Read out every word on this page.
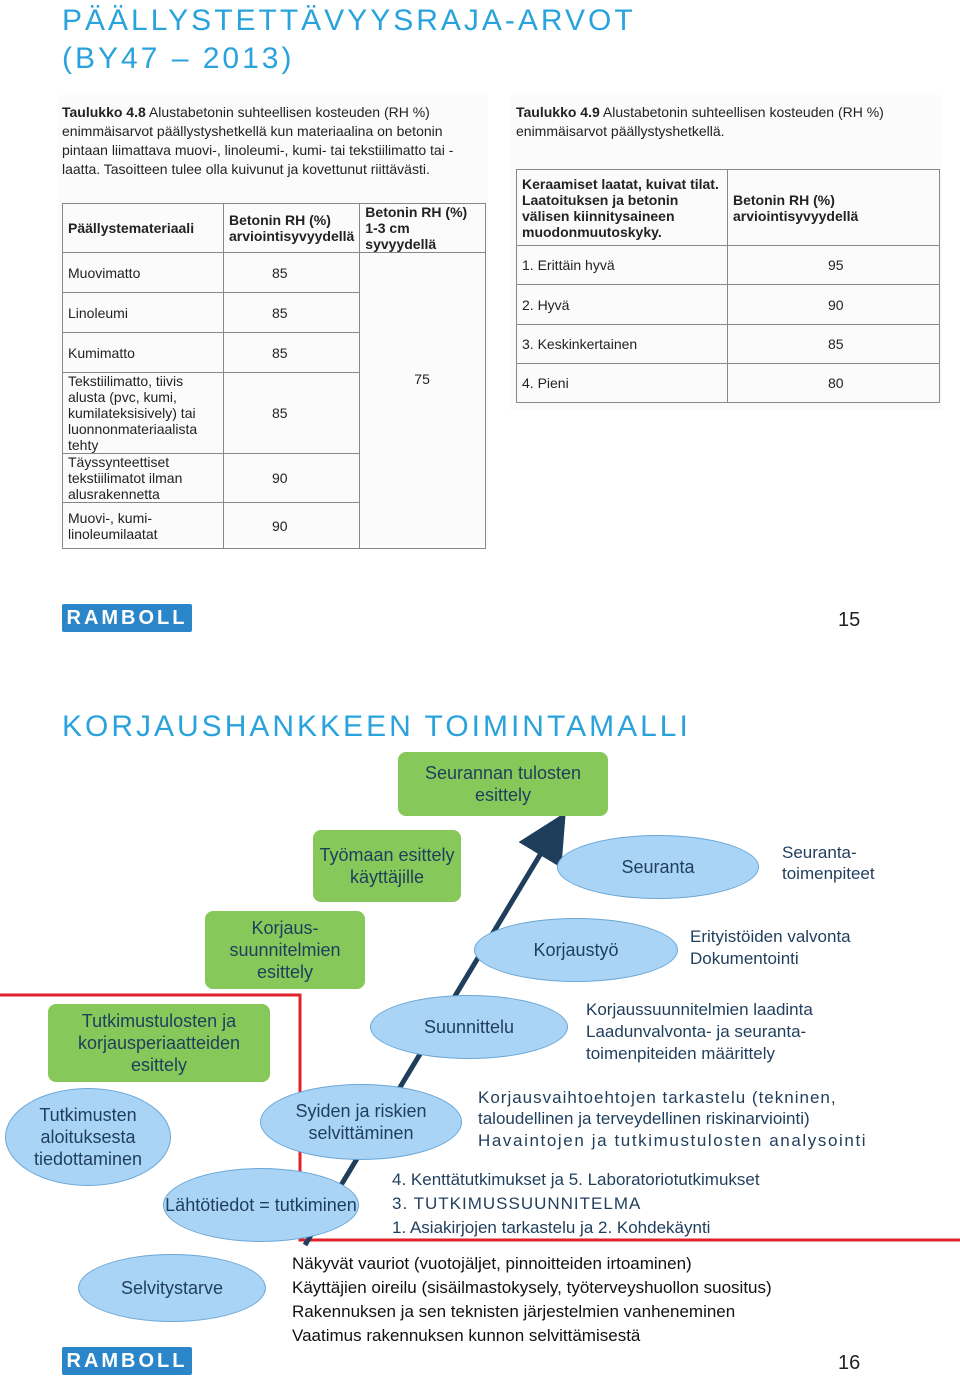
PÄÄLLYSTETTÄVYYSRAJA-ARVOT
(BY47 – 2013)
Taulukko 4.8 Alustabetonin suhteellisen kosteuden (RH %) enimmäisarvot päällystyshetkellä kun materiaalina on betonin pintaan liimattava muovi-, linoleumi-, kumi- tai tekstiilimatto tai -laatta. Tasoitteen tulee olla kuivunut ja kovettunut riittävästi.
Päällystemateriaali	Betonin RH (%) arviointisyvyydellä	Betonin RH (%) 1-3 cm syvyydellä
Muovimatto	85	75
Linoleumi	85	
Kumimatto	85	
Tekstiilimatto, tiivis alusta (pvc, kumi, kumilateksisively) tai luonnonmateriaalista tehty	85	
Täyssynteettiset tekstiilimatot ilman alusrakennetta	90	
Muovi-, kumi- linoleumilaatat	90	
Taulukko 4.9 Alustabetonin suhteellisen kosteuden (RH %) enimmäisarvot päällystyshetkellä.
Keraamiset laatat, kuivat tilat. Laatoituksen ja betonin välisen kiinnitysaineen muodonmuutoskyky.	Betonin RH (%) arviointisyvyydellä
1. Erittäin hyvä	95
2. Hyvä	90
3. Keskinkertainen	85
4. Pieni	80
RAMBOLL	15
KORJAUSHANKKEEN TOIMINTAMALLI
Seurannan tulosten esittely
Työmaan esittely käyttäjille
Korjaus-suunnitelmien esittely
Tutkimustulosten ja korjausperiaatteiden esittely
Seuranta
Korjaustyö
Suunnittelu
Syiden ja riskien selvittäminen
Lähtötiedot = tutkiminen
Selvitystarve
Tutkimusten aloituksesta tiedottaminen
Seuranta-toimenpiteet
Erityistöiden valvonta
Dokumentointi
Korjaussuunnitelmien laadinta
Laadunvalvonta- ja seuranta-
toimenpiteiden määrittely
Korjausvaihtoehtojen tarkastelu (tekninen,
taloudellinen ja terveydellinen riskinarviointi)
Havaintojen ja tutkimustulosten analysointi
4. Kenttätutkimukset ja 5. Laboratoriotutkimukset
3. TUTKIMUSSUUNNITELMA
1. Asiakirjojen tarkastelu ja 2. Kohdekäynti
Näkyvät vauriot (vuotojäljet, pinnoitteiden irtoaminen)
Käyttäjien oireilu (sisäilmastokysely, työterveyshuollon suositus)
Rakennuksen ja sen teknisten järjestelmien vanheneminen
Vaatimus rakennuksen kunnon selvittämisestä
RAMBOLL	16
